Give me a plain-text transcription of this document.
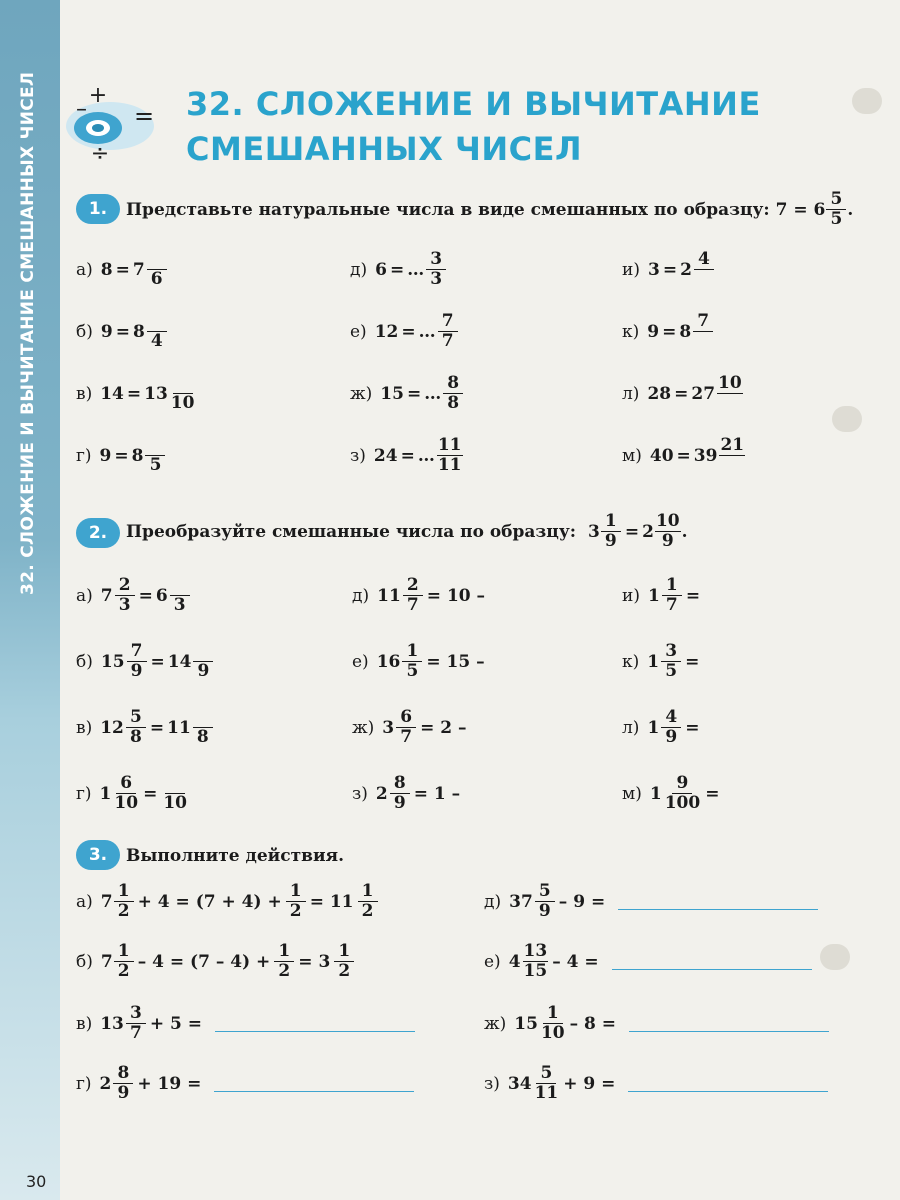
32. СЛОЖЕНИЕ И ВЫЧИТАНИЕ СМЕШАННЫХ ЧИСЕЛ
30
+
– =
÷
32. СЛОЖЕНИЕ И ВЫЧИТАНИЕ
СМЕШАННЫХ ЧИСЕЛ
1.	Представьте натуральные числа в виде смешанных по образцу: $7 = 6 \frac{5}{5}$ .
а) 8 = 7 6
б) 9 = 8 4
в) 14 = 13 10
г) 9 = 8 5
д) 6 = … $\frac{3}{3}$
е) 12 = … $\frac{7}{7}$
ж) 15 = … $\frac{8}{8}$
з) 24 = … $\frac{11}{11}$
и) 3 = 2
4
к) 9 = 8
7
л) 28 = 27
10
м) 40 = 39
21
2.	Преобразуйте смешанные числа по образцу: $3 \frac{1}{9} = 2 \frac{10}{9}$ .
а) $7 \frac{2}{3} = 6$ 3
б) $15 \frac{7}{9} = 14$ 9
в) $12 \frac{5}{8} = 11$ 8
г) $1 \frac{6}{10} = 10$
д) $11 \frac{2}{7} = 10$ –
е) $16 \frac{1}{5} = 15$ –
ж) $3 \frac{6}{7} = 2$ –
з) $2 \frac{8}{9} = 1$ –
и) $1 \frac{1}{7}$ =
к) $1 \frac{3}{5}$ =
л) $1 \frac{4}{9}$ =
м) $1 \frac{9}{100}$ =
3.	Выполните действия.
а) $7 \frac{1}{2} + 4 = (7 + 4) + \frac{1}{2} = 11 \frac{1}{2}$
б) $7 \frac{1}{2} - 4 = (7 - 4) + \frac{1}{2} = 3 \frac{1}{2}$
в) $13 \frac{3}{7} + 5$ =
г) $2 \frac{8}{9} + 19$ =
д) $37 \frac{5}{9} - 9$ =
е) $4 \frac{13}{15} - 4$ =
ж) $15 \frac{1}{10} - 8$ =
з) $34 \frac{5}{11} + 9$ =
